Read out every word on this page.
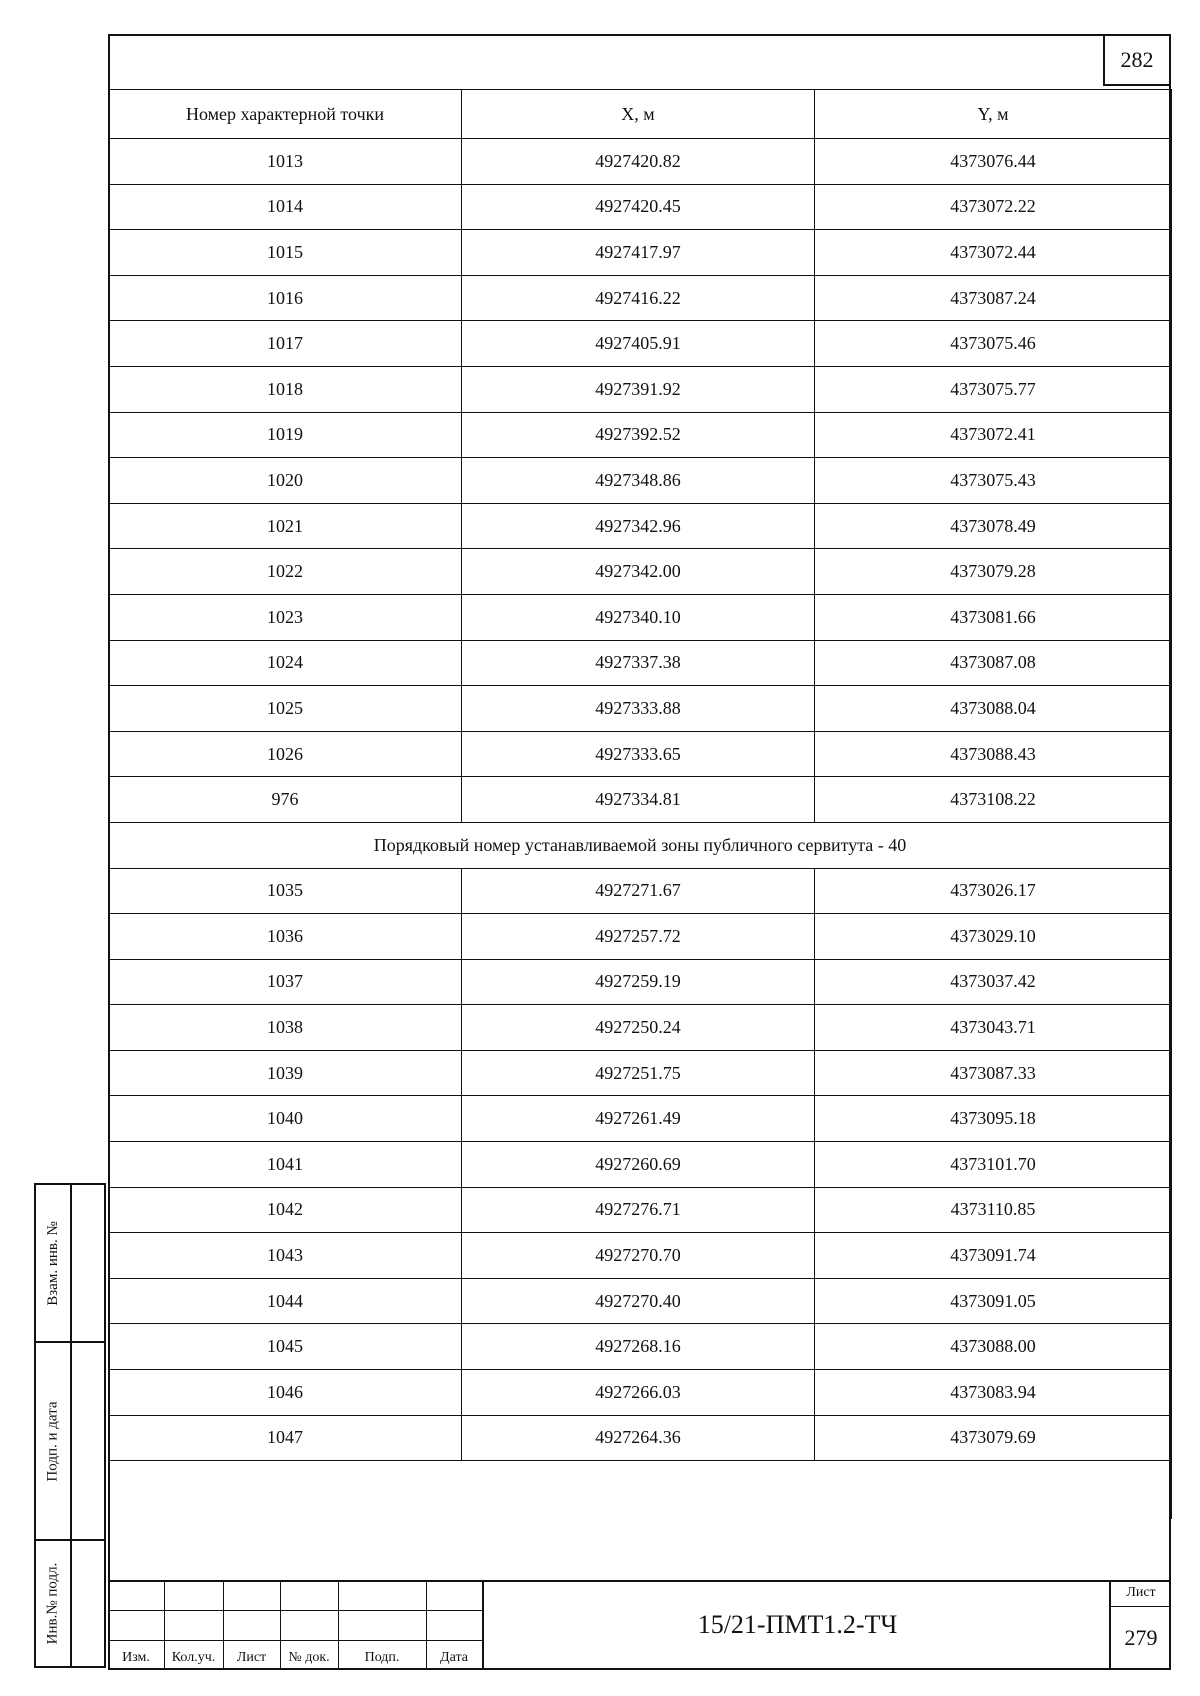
282
Номер характерной точки	X, м	Y, м
1013	4927420.82	4373076.44
1014	4927420.45	4373072.22
1015	4927417.97	4373072.44
1016	4927416.22	4373087.24
1017	4927405.91	4373075.46
1018	4927391.92	4373075.77
1019	4927392.52	4373072.41
1020	4927348.86	4373075.43
1021	4927342.96	4373078.49
1022	4927342.00	4373079.28
1023	4927340.10	4373081.66
1024	4927337.38	4373087.08
1025	4927333.88	4373088.04
1026	4927333.65	4373088.43
976	4927334.81	4373108.22
Порядковый номер устанавливаемой зоны публичного сервитута - 40		
1035	4927271.67	4373026.17
1036	4927257.72	4373029.10
1037	4927259.19	4373037.42
1038	4927250.24	4373043.71
1039	4927251.75	4373087.33
1040	4927261.49	4373095.18
1041	4927260.69	4373101.70
1042	4927276.71	4373110.85
1043	4927270.70	4373091.74
1044	4927270.40	4373091.05
1045	4927268.16	4373088.00
1046	4927266.03	4373083.94
1047	4927264.36	4373079.69

Изм.	Кол.уч.	Лист	№ док.	Подп.	Дата
15/21-ПМТ1.2-ТЧ
Лист
279
Взам. инв. №
Подп. и дата
Инв.№ подл.
